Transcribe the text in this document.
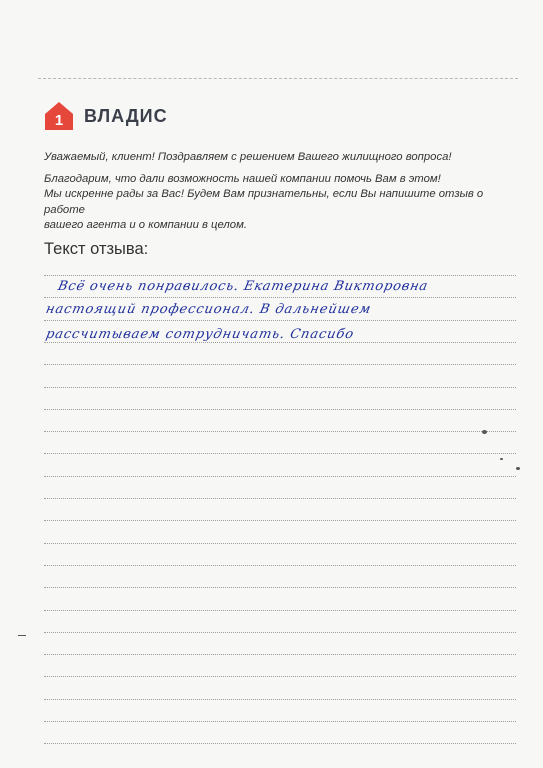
1 ВЛАДИС

Уважаемый, клиент! Поздравляем с решением Вашего жилищного вопроса!

Благодарим, что дали возможность нашей компании помочь Вам в этом!

Мы искренне рады за Вас! Будем Вам признательны, если Вы напишите отзыв о работе

вашего агента и о компании в целом.

Текст отзыва:
Всё очень понравилось. Екатерина Викторовна
настоящий профессионал. В дальнейшем
рассчитываем сотрудничать. Спасибо
